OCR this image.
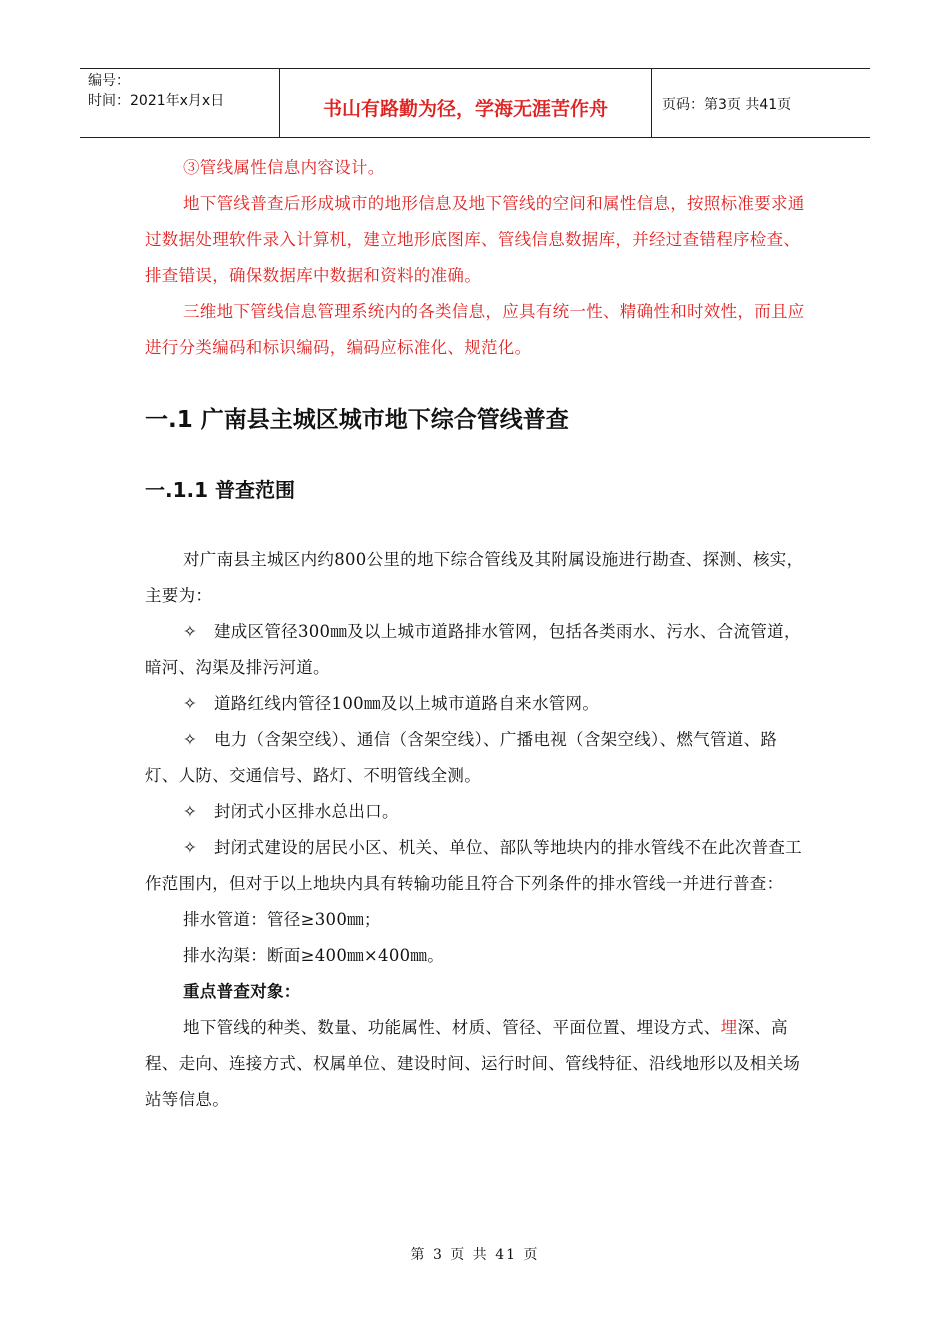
编号：
时间：2021年x月x日	书山有路勤为径，学海无涯苦作舟	页码：第3页 共41页

③管线属性信息内容设计。

地下管线普查后形成城市的地形信息及地下管线的空间和属性信息，按照标准要求通过数据处理软件录入计算机，建立地形底图库、管线信息数据库，并经过查错程序检查、排查错误，确保数据库中数据和资料的准确。

三维地下管线信息管理系统内的各类信息，应具有统一性、精确性和时效性，而且应进行分类编码和标识编码，编码应标准化、规范化。

一.1 广南县主城区城市地下综合管线普查
一.1.1 普查范围

对广南县主城区内约800公里的地下综合管线及其附属设施进行勘查、探测、核实，主要为：

✧　 建成区管径300㎜及以上城市道路排水管网，包括各类雨水、污水、合流管道，暗河、沟渠及排污河道。

✧　 道路红线内管径100㎜及以上城市道路自来水管网。

✧　 电力（含架空线）、通信（含架空线）、广播电视（含架空线）、燃气管道、路灯、人防、交通信号、路灯、不明管线全测。

✧　 封闭式小区排水总出口。

✧　 封闭式建设的居民小区、机关、单位、部队等地块内的排水管线不在此次普查工作范围内，但对于以上地块内具有转输功能且符合下列条件的排水管线一并进行普查：

排水管道：管径≥300㎜；

排水沟渠：断面≥400㎜×400㎜。

重点普查对象：

地下管线的种类、数量、功能属性、材质、管径、平面位置、埋设方式、埋深、高程、走向、连接方式、权属单位、建设时间、运行时间、管线特征、沿线地形以及相关场站等信息。

第 3 页 共 41 页
